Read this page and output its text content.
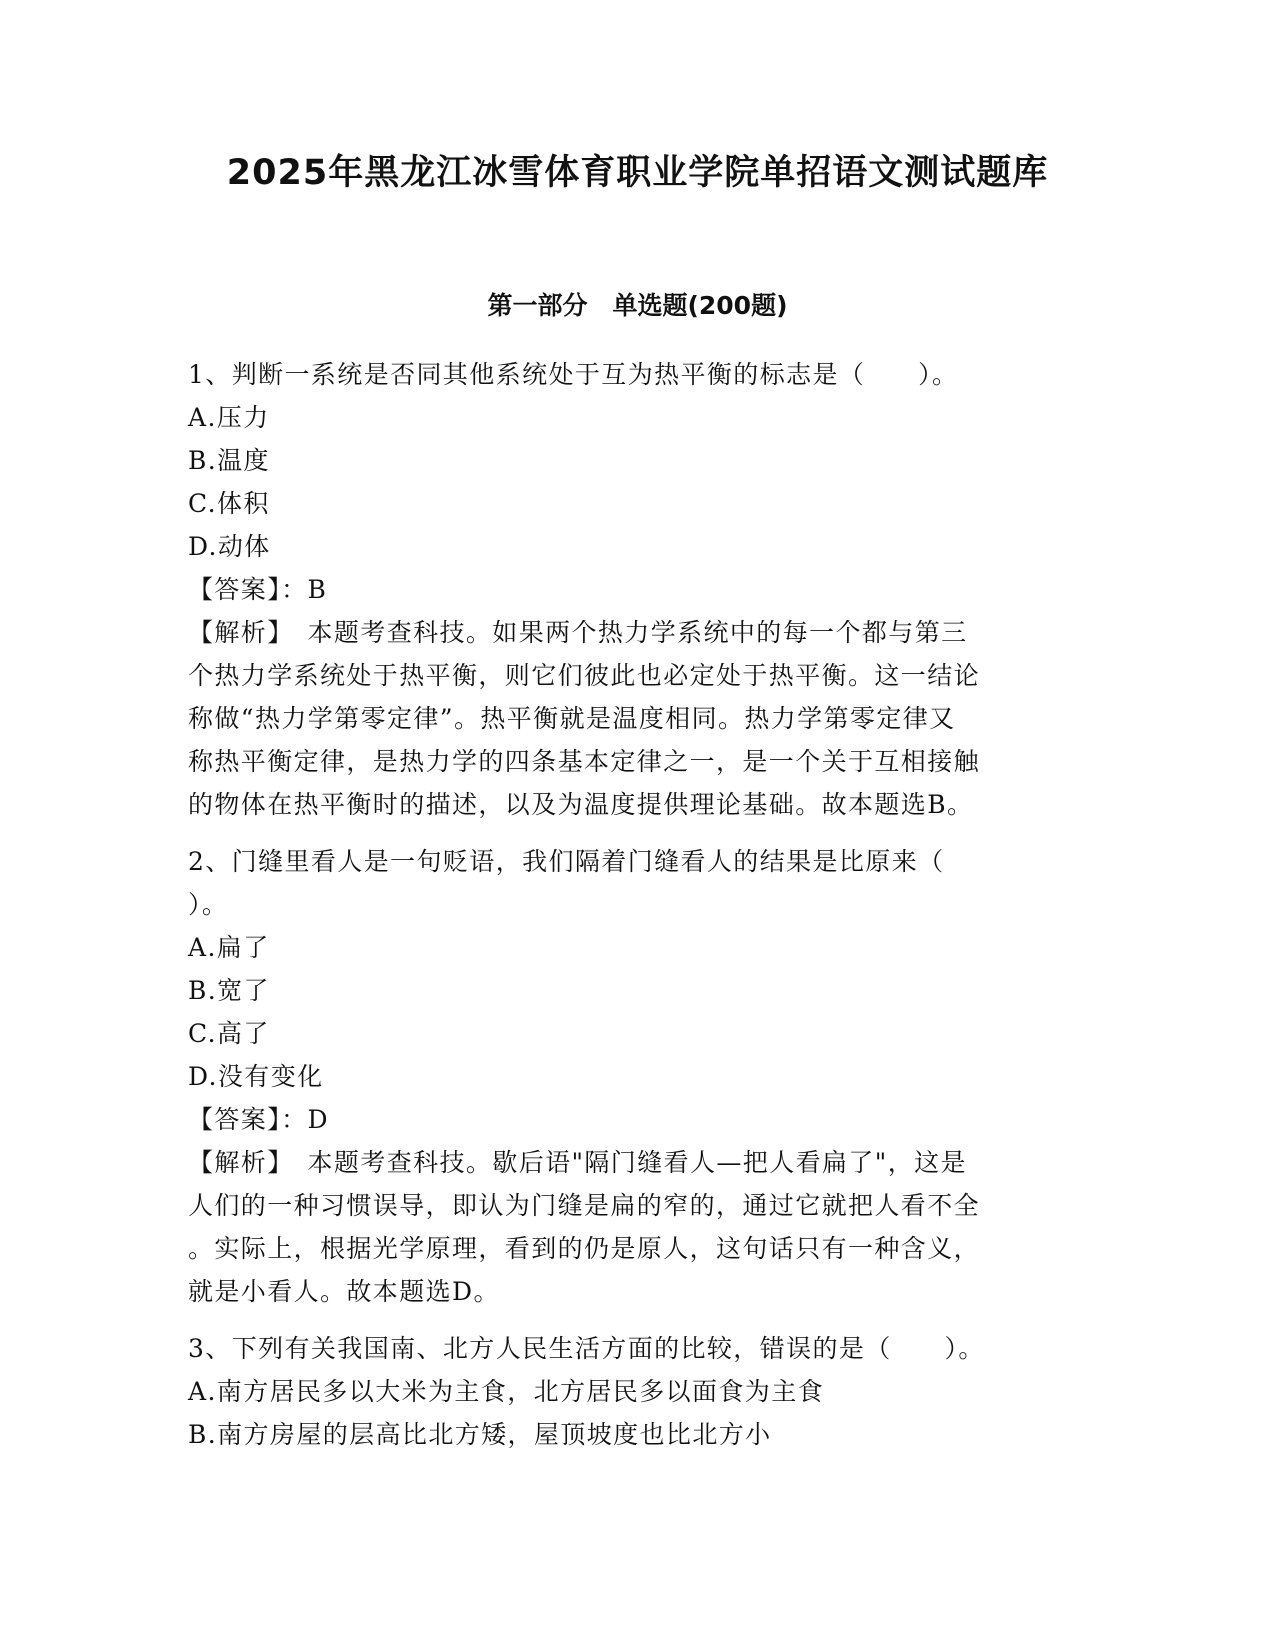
2025年黑龙江冰雪体育职业学院单招语文测试题库
第一部分　单选题(200题)
1、判断一系统是否同其他系统处于互为热平衡的标志是（　　）。
A.压力
B.温度
C.体积
D.动体
【答案】：B
【解析】　本题考查科技。如果两个热力学系统中的每一个都与第三
个热力学系统处于热平衡，则它们彼此也必定处于热平衡。这一结论
称做“热力学第零定律”。热平衡就是温度相同。热力学第零定律又
称热平衡定律，是热力学的四条基本定律之一，是一个关于互相接触
的物体在热平衡时的描述，以及为温度提供理论基础。故本题选B。
2、门缝里看人是一句贬语，我们隔着门缝看人的结果是比原来（
）。
A.扁了
B.宽了
C.高了
D.没有变化
【答案】：D
【解析】　本题考查科技。歇后语"隔门缝看人—把人看扁了"，这是
人们的一种习惯误导，即认为门缝是扁的窄的，通过它就把人看不全
。实际上，根据光学原理，看到的仍是原人，这句话只有一种含义，
就是小看人。故本题选D。
3、下列有关我国南、北方人民生活方面的比较，错误的是（　　）。
A.南方居民多以大米为主食，北方居民多以面食为主食
B.南方房屋的层高比北方矮，屋顶坡度也比北方小
